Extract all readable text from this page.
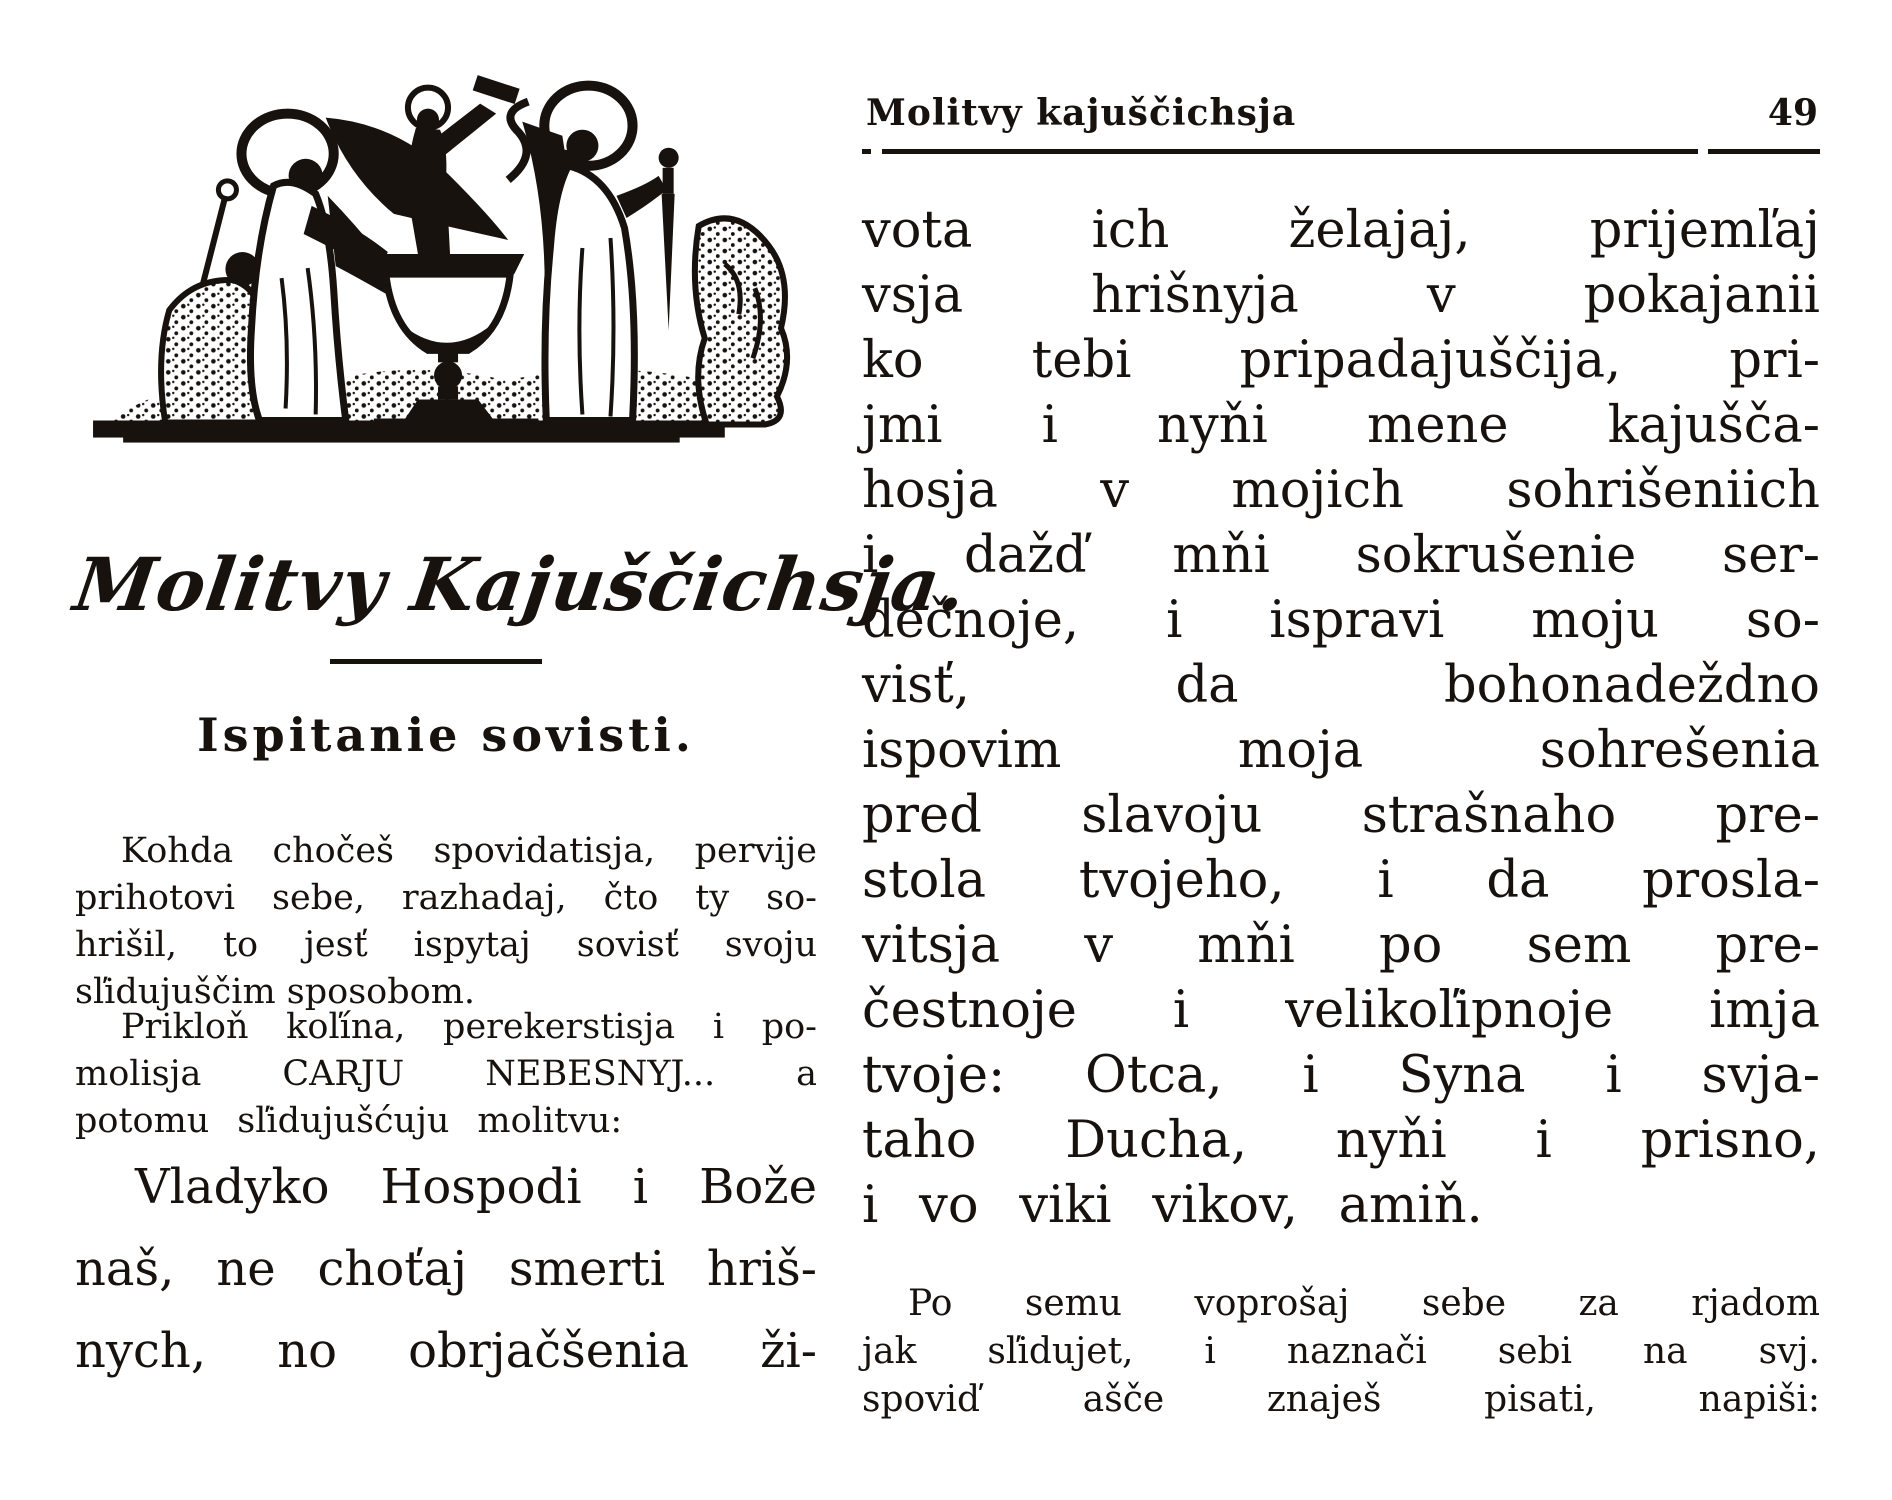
Molitvy Kajuščichsja.
Ispitanie sovisti.
Kohda chočeš spovidatisja, pervije
prihotovi sebe, razhadaj, čto ty so-
hrišil, to jesť ispytaj sovisť svoju
sľidujuščim sposobom.
Prikloň koľína, perekerstisja i po-
molisja CARJU NEBESNYJ... a
potomu sľidujušćuju molitvu:
Vladyko Hospodi i Bože
naš, ne choťaj smerti hriš-
nych, no obrjačšenia ži-
Molitvy kajuščichsja	49
vota ich želajaj, prijemľaj
vsja hrišnyja v pokajanii
ko tebi pripadajuščija, pri-
jmi i nyňi mene kajušča-
hosja v mojich sohrišeniich
i dažď mňi sokrušenie ser-
dečnoje, i ispravi moju so-
visť, da bohonadeždno
ispovim moja sohrešenia
pred slavoju strašnaho pre-
stola tvojeho, i da prosla-
vitsja v mňi po sem pre-
čestnoje i velikoľipnoje imja
tvoje: Otca, i Syna i svja-
taho Ducha, nyňi i prisno,
i vo viki vikov, amiň.
Po semu voprošaj sebe za rjadom
jak sľidujet, i naznači sebi na svj.
spoviď ašče znaješ pisati, napiši:
